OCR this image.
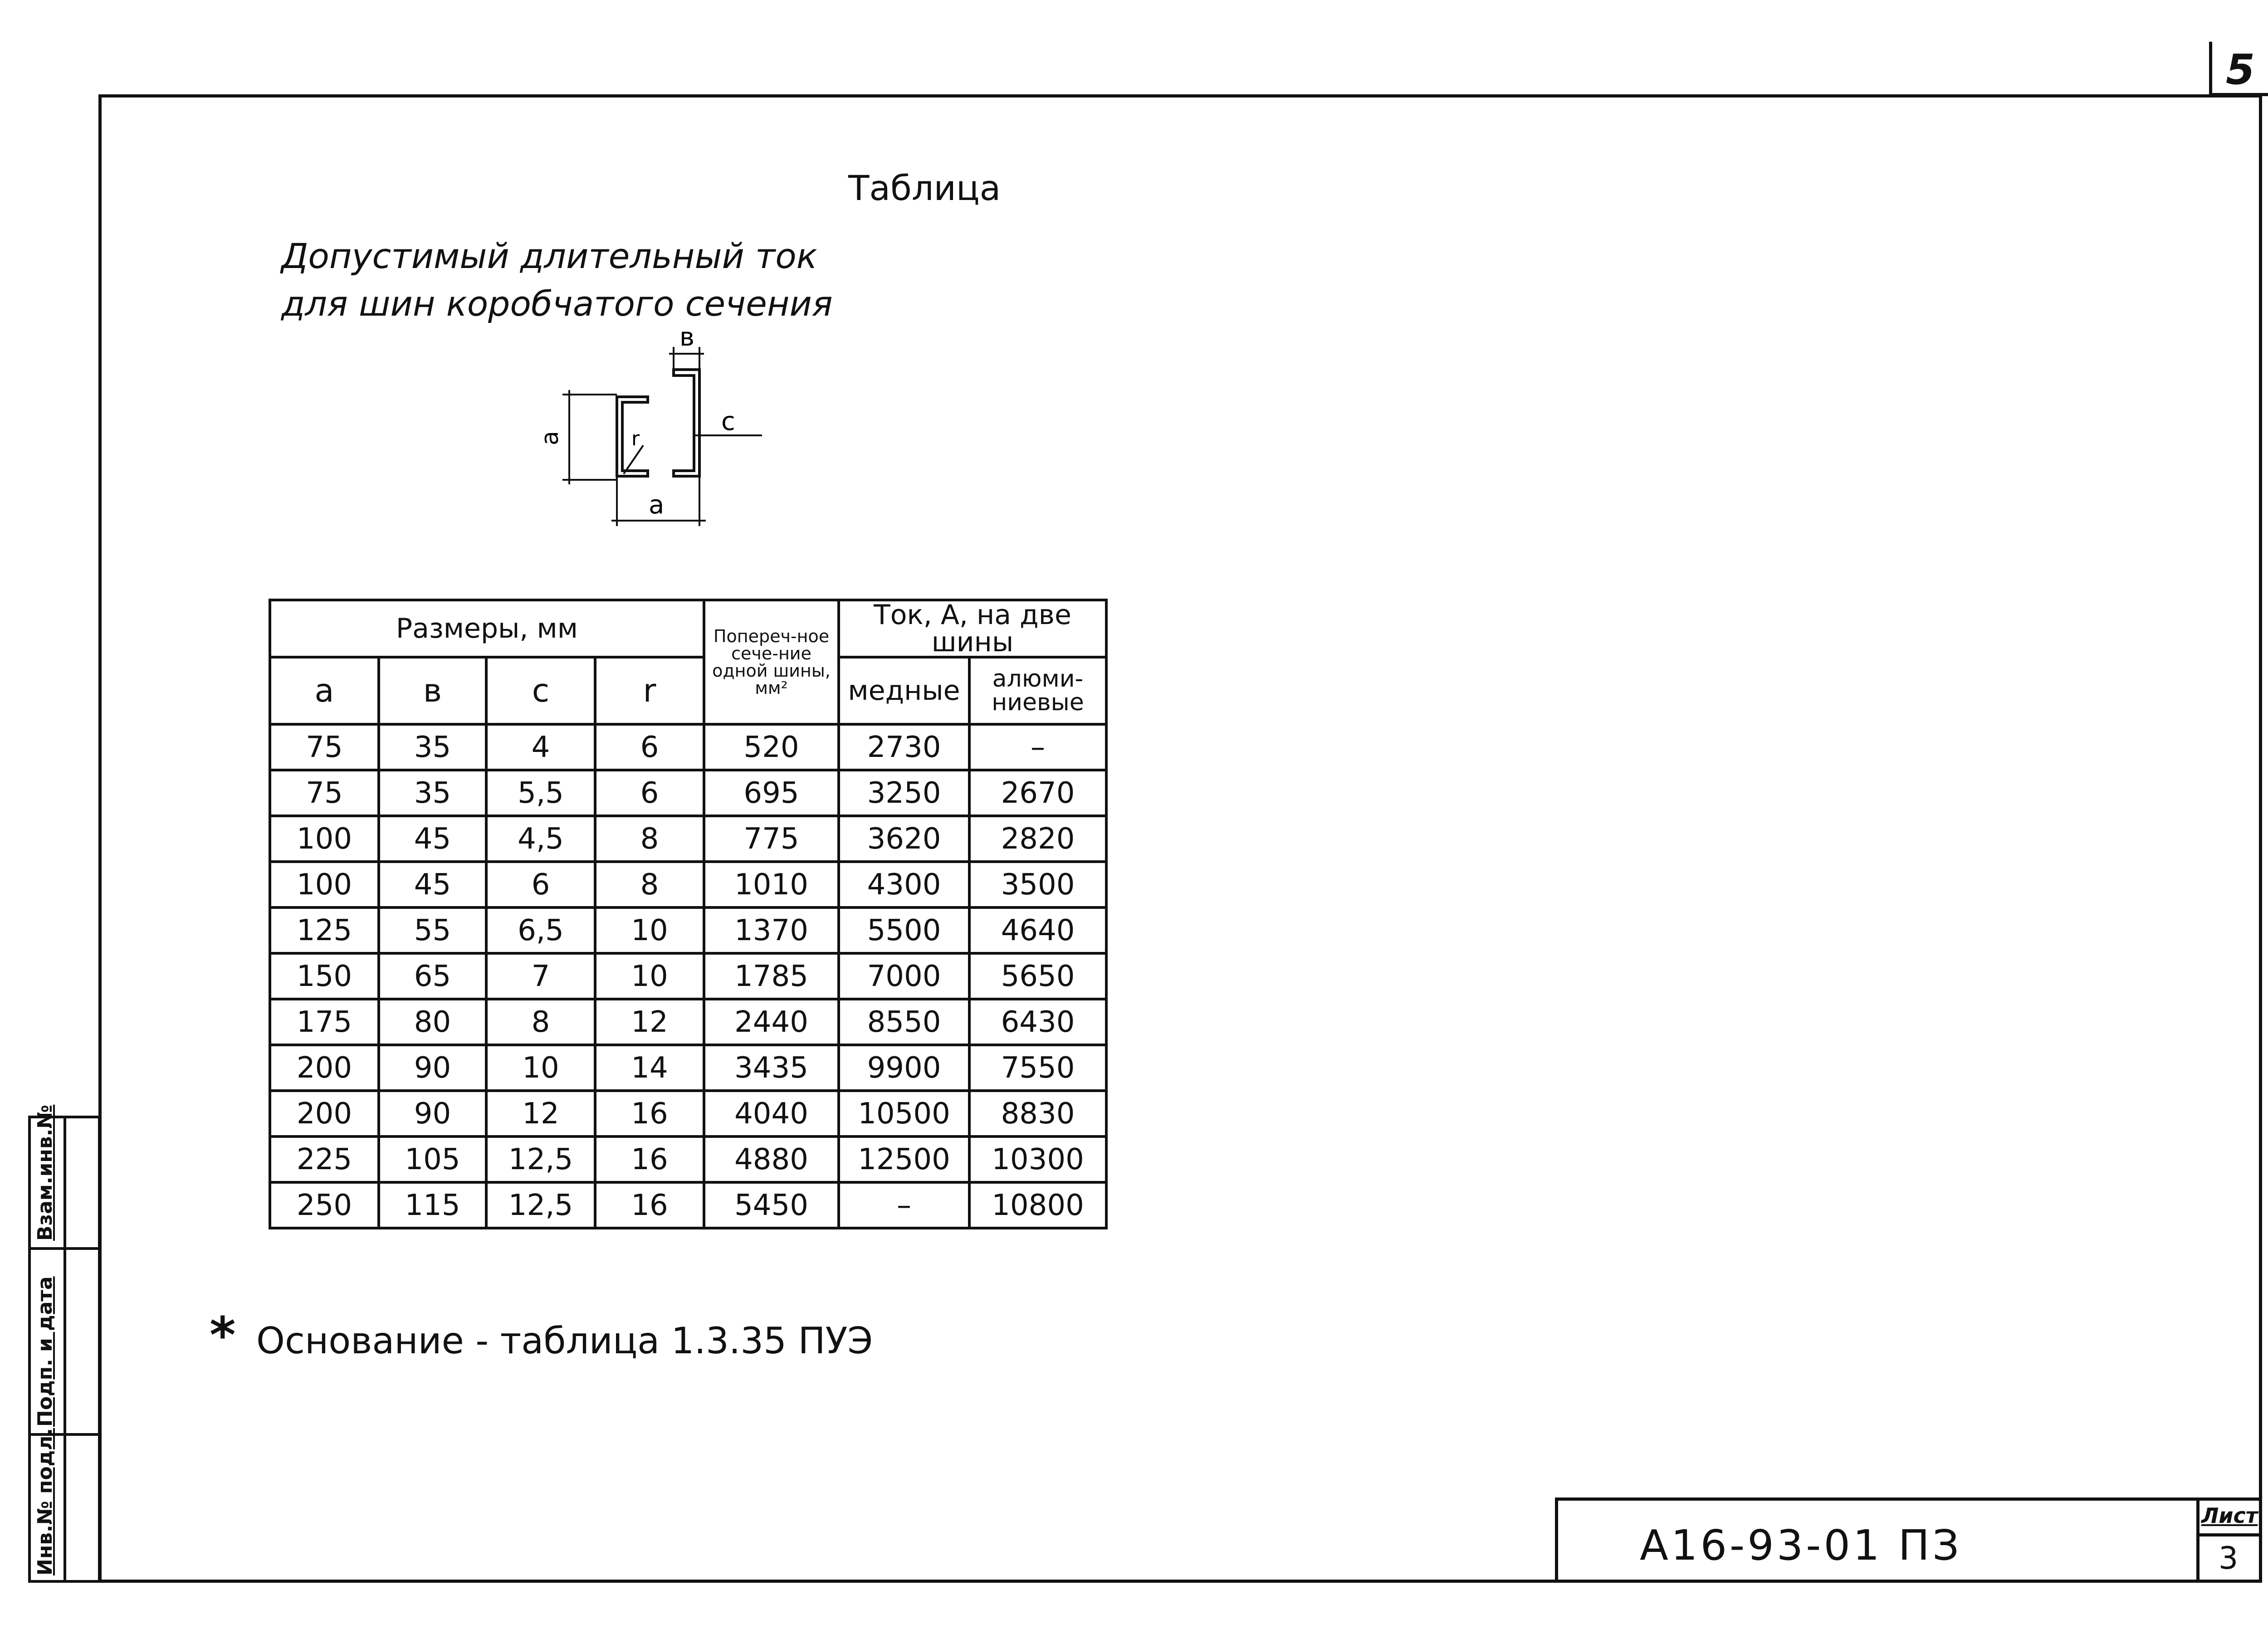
5
Взам.инв.№
Подп. и дата
Инв.№ подл.
Таблица
Допустимый длительный ток
для шин коробчатого сечения
a
a
в
c
r
Размеры, мм				Попереч-ное сече-ние одной шины, мм²	Ток, А, на две шины	
a	в	c	r		медные	алюми-ниевые
75	35	4	6	520	2730	–
75	35	5,5	6	695	3250	2670
100	45	4,5	8	775	3620	2820
100	45	6	8	1010	4300	3500
125	55	6,5	10	1370	5500	4640
150	65	7	10	1785	7000	5650
175	80	8	12	2440	8550	6430
200	90	10	14	3435	9900	7550
200	90	12	16	4040	10500	8830
225	105	12,5	16	4880	12500	10300
250	115	12,5	16	5450	–	10800
* Основание - таблица 1.3.35 ПУЭ
А16-93-01 ПЗ
Лист
3
